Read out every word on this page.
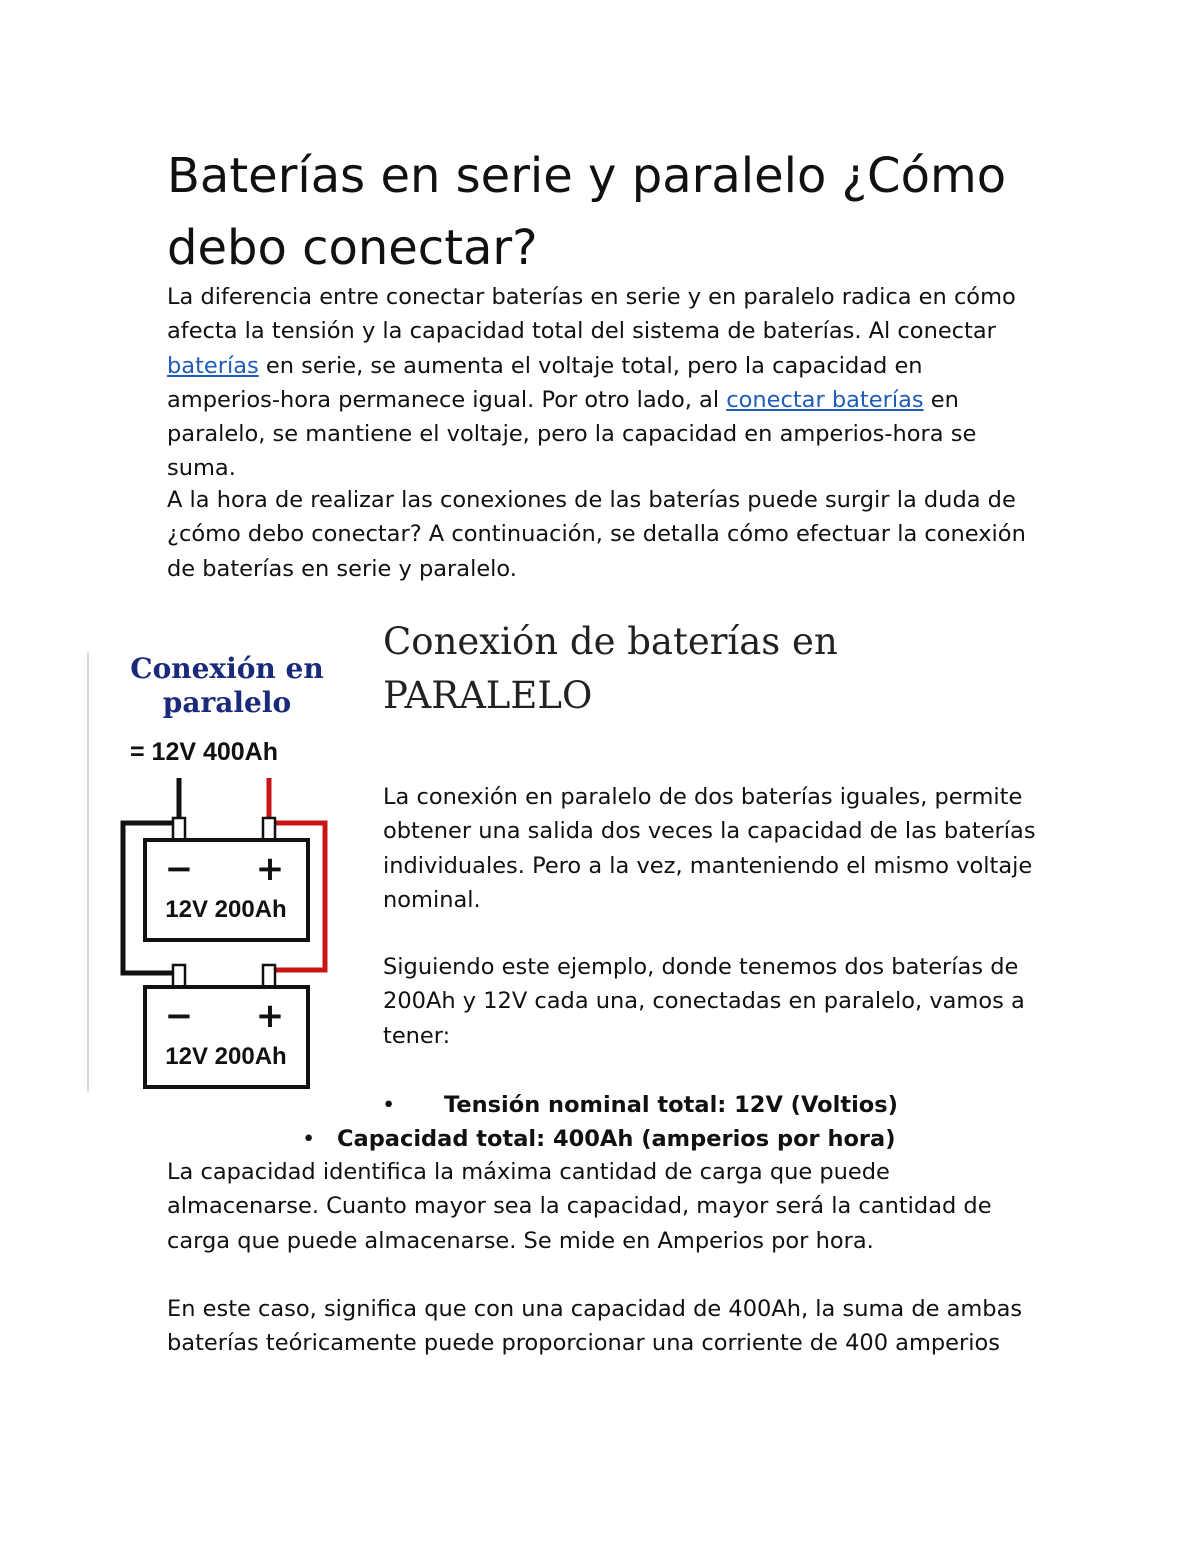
Baterías en serie y paralelo ¿Cómo debo conectar?
La diferencia entre conectar baterías en serie y en paralelo radica en cómo afecta la tensión y la capacidad total del sistema de baterías. Al conectar baterías en serie, se aumenta el voltaje total, pero la capacidad en amperios-hora permanece igual. Por otro lado, al conectar baterías en paralelo, se mantiene el voltaje, pero la capacidad en amperios-hora se suma.
A la hora de realizar las conexiones de las baterías puede surgir la duda de ¿cómo debo conectar? A continuación, se detalla cómo efectuar la conexión de baterías en serie y paralelo.
Conexión en
paralelo
= 12V 400Ah
− +
12V 200Ah
− +
12V 200Ah
Conexión de baterías en
PARALELO
La conexión en paralelo de dos baterías iguales, permite obtener una salida dos veces la capacidad de las baterías individuales. Pero a la vez, manteniendo el mismo voltaje nominal.
Siguiendo este ejemplo, donde tenemos dos baterías de 200Ah y 12V cada una, conectadas en paralelo, vamos a tener:
• Tensión nominal total: 12V (Voltios)
• Capacidad total: 400Ah (amperios por hora)
La capacidad identifica la máxima cantidad de carga que puede almacenarse. Cuanto mayor sea la capacidad, mayor será la cantidad de carga que puede almacenarse. Se mide en Amperios por hora.
En este caso, significa que con una capacidad de 400Ah, la suma de ambas baterías teóricamente puede proporcionar una corriente de 400 amperios
